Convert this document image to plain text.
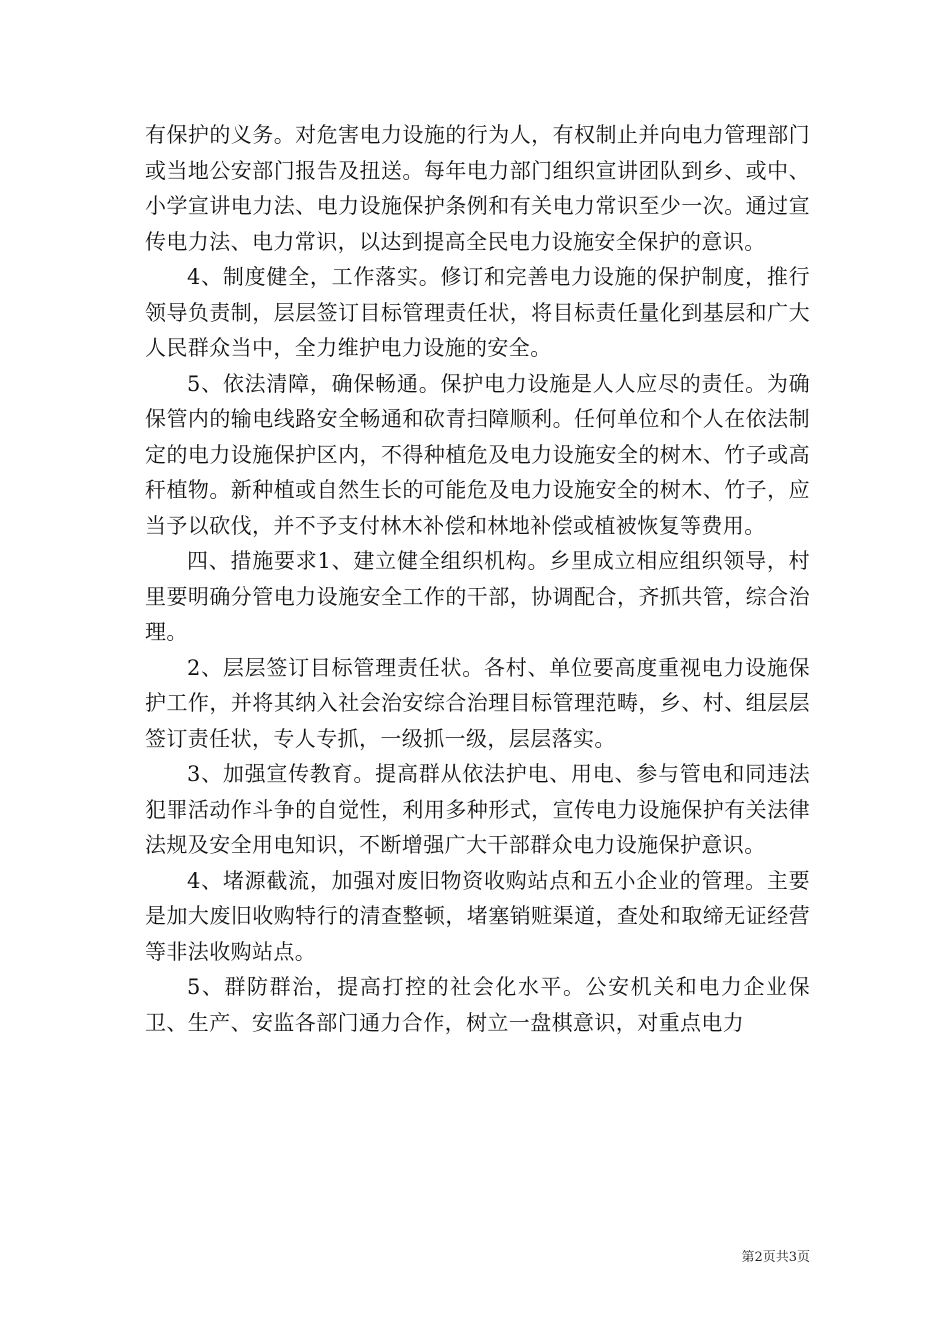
有保护的义务。对危害电力设施的行为人，有权制止并向电力管理部门或当地公安部门报告及扭送。每年电力部门组织宣讲团队到乡、或中、小学宣讲电力法、电力设施保护条例和有关电力常识至少一次。通过宣传电力法、电力常识，以达到提高全民电力设施安全保护的意识。

4、制度健全，工作落实。修订和完善电力设施的保护制度，推行领导负责制，层层签订目标管理责任状，将目标责任量化到基层和广大人民群众当中，全力维护电力设施的安全。

5、依法清障，确保畅通。保护电力设施是人人应尽的责任。为确保管内的输电线路安全畅通和砍青扫障顺利。任何单位和个人在依法制定的电力设施保护区内，不得种植危及电力设施安全的树木、竹子或高秆植物。新种植或自然生长的可能危及电力设施安全的树木、竹子，应当予以砍伐，并不予支付林木补偿和林地补偿或植被恢复等费用。

四、措施要求1、建立健全组织机构。乡里成立相应组织领导，村里要明确分管电力设施安全工作的干部，协调配合，齐抓共管，综合治理。

2、层层签订目标管理责任状。各村、单位要高度重视电力设施保护工作，并将其纳入社会治安综合治理目标管理范畴，乡、村、组层层签订责任状，专人专抓，一级抓一级，层层落实。

3、加强宣传教育。提高群从依法护电、用电、参与管电和同违法犯罪活动作斗争的自觉性，利用多种形式，宣传电力设施保护有关法律法规及安全用电知识，不断增强广大干部群众电力设施保护意识。

4、堵源截流，加强对废旧物资收购站点和五小企业的管理。主要是加大废旧收购特行的清查整顿，堵塞销赃渠道，查处和取缔无证经营等非法收购站点。

5、群防群治，提高打控的社会化水平。公安机关和电力企业保卫、生产、安监各部门通力合作，树立一盘棋意识，对重点电力

第2页共3页
